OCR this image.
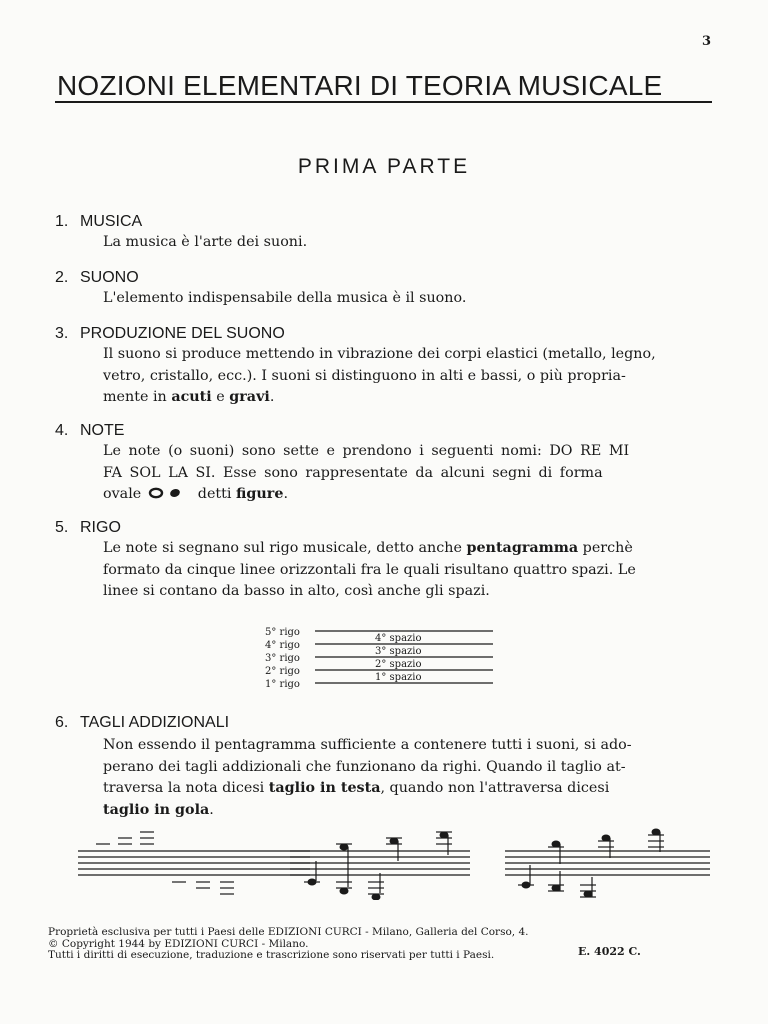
3
NOZIONI ELEMENTARI DI TEORIA MUSICALE
PRIMA PARTE
1. MUSICA
La musica è l'arte dei suoni.
2. SUONO
L'elemento indispensabile della musica è il suono.
3. PRODUZIONE DEL SUONO
Il suono si produce mettendo in vibrazione dei corpi elastici (metallo, legno,
vetro, cristallo, ecc.). I suoni si distinguono in alti e bassi, o più propria-
mente in acuti e gravi.
4. NOTE
Le note (o suoni) sono sette e prendono i seguenti nomi: DO RE MI
FA SOL LA SI. Esse sono rappresentate da alcuni segni di forma
ovale	detti figure.
5. RIGO
Le note si segnano sul rigo musicale, detto anche pentagramma perchè
formato da cinque linee orizzontali fra le quali risultano quattro spazi. Le
linee si contano da basso in alto, così anche gli spazi.
5° rigo
4° rigo
3° rigo
2° rigo
1° rigo
4° spazio
3° spazio
2° spazio
1° spazio
6. TAGLI ADDIZIONALI
Non essendo il pentagramma sufficiente a contenere tutti i suoni, si ado-
perano dei tagli addizionali che funzionano da righi. Quando il taglio at-
traversa la nota dicesi taglio in testa, quando non l'attraversa dicesi
taglio in gola.
Proprietà esclusiva per tutti i Paesi delle EDIZIONI CURCI - Milano, Galleria del Corso, 4.
© Copyright 1944 by EDIZIONI CURCI - Milano.
Tutti i diritti di esecuzione, traduzione e trascrizione sono riservati per tutti i Paesi.	E. 4022 C.
